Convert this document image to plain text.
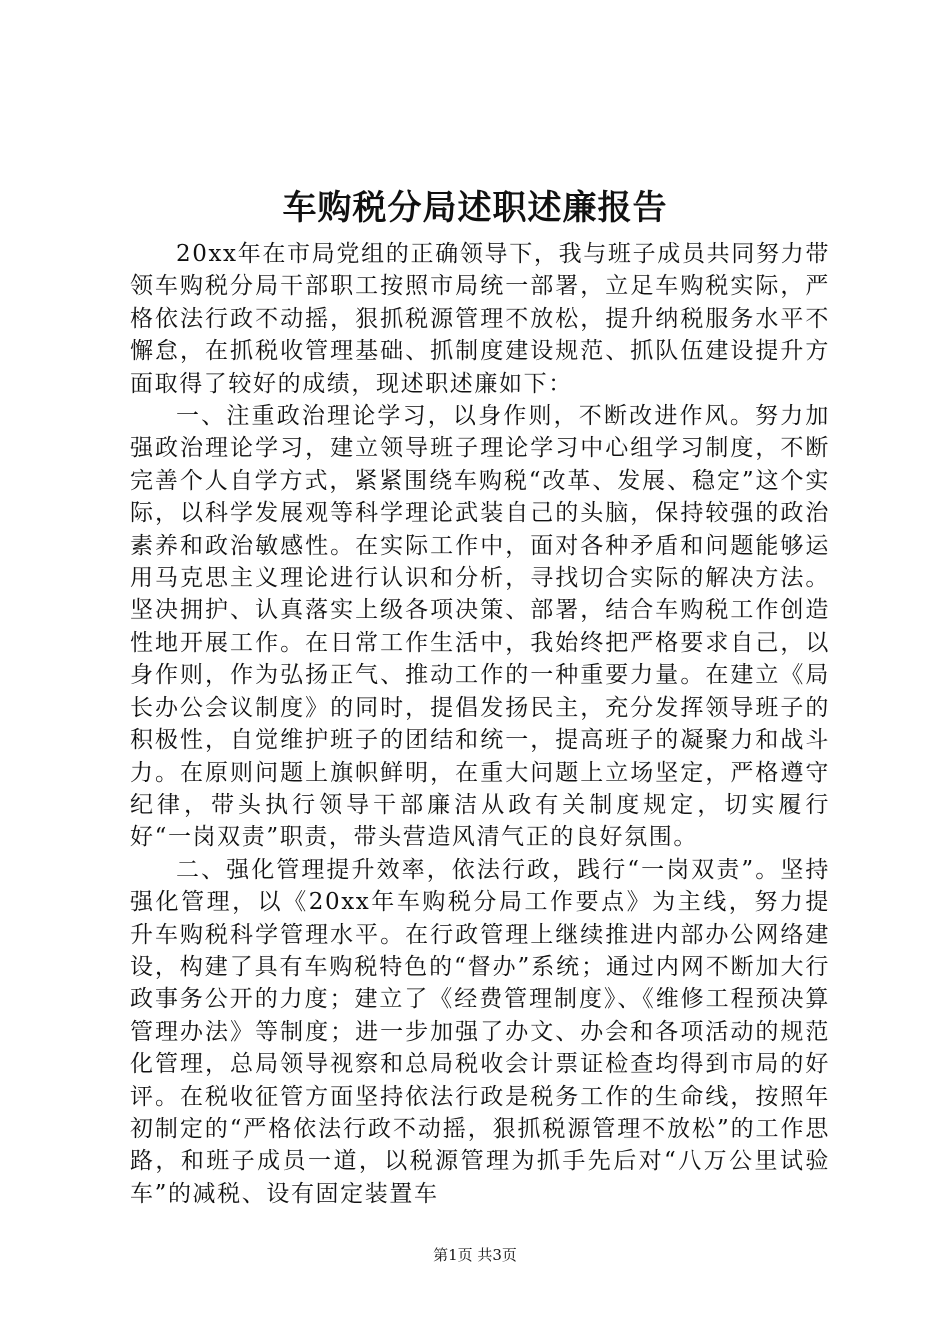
车购税分局述职述廉报告

20xx年在市局党组的正确领导下，我与班子成员共同努力带领车购税分局干部职工按照市局统一部署，立足车购税实际，严格依法行政不动摇，狠抓税源管理不放松，提升纳税服务水平不懈怠，在抓税收管理基础、抓制度建设规范、抓队伍建设提升方面取得了较好的成绩，现述职述廉如下：

一、注重政治理论学习，以身作则，不断改进作风。努力加强政治理论学习，建立领导班子理论学习中心组学习制度，不断完善个人自学方式，紧紧围绕车购税“改革、发展、稳定”这个实际，以科学发展观等科学理论武装自己的头脑，保持较强的政治素养和政治敏感性。在实际工作中，面对各种矛盾和问题能够运用马克思主义理论进行认识和分析，寻找切合实际的解决方法。坚决拥护、认真落实上级各项决策、部署，结合车购税工作创造性地开展工作。在日常工作生活中，我始终把严格要求自己，以身作则，作为弘扬正气、推动工作的一种重要力量。在建立《局长办公会议制度》的同时，提倡发扬民主，充分发挥领导班子的积极性，自觉维护班子的团结和统一，提高班子的凝聚力和战斗力。在原则问题上旗帜鲜明，在重大问题上立场坚定，严格遵守纪律，带头执行领导干部廉洁从政有关制度规定，切实履行好“一岗双责”职责，带头营造风清气正的良好氛围。

二、强化管理提升效率，依法行政，践行“一岗双责”。坚持强化管理，以《20xx年车购税分局工作要点》为主线，努力提升车购税科学管理水平。在行政管理上继续推进内部办公网络建设，构建了具有车购税特色的“督办”系统；通过内网不断加大行政事务公开的力度；建立了《经费管理制度》、《维修工程预决算管理办法》等制度；进一步加强了办文、办会和各项活动的规范化管理，总局领导视察和总局税收会计票证检查均得到市局的好评。在税收征管方面坚持依法行政是税务工作的生命线，按照年初制定的“严格依法行政不动摇，狠抓税源管理不放松”的工作思路，和班子成员一道，以税源管理为抓手先后对“八万公里试验车”的减税、设有固定装置车

第1页 共3页
